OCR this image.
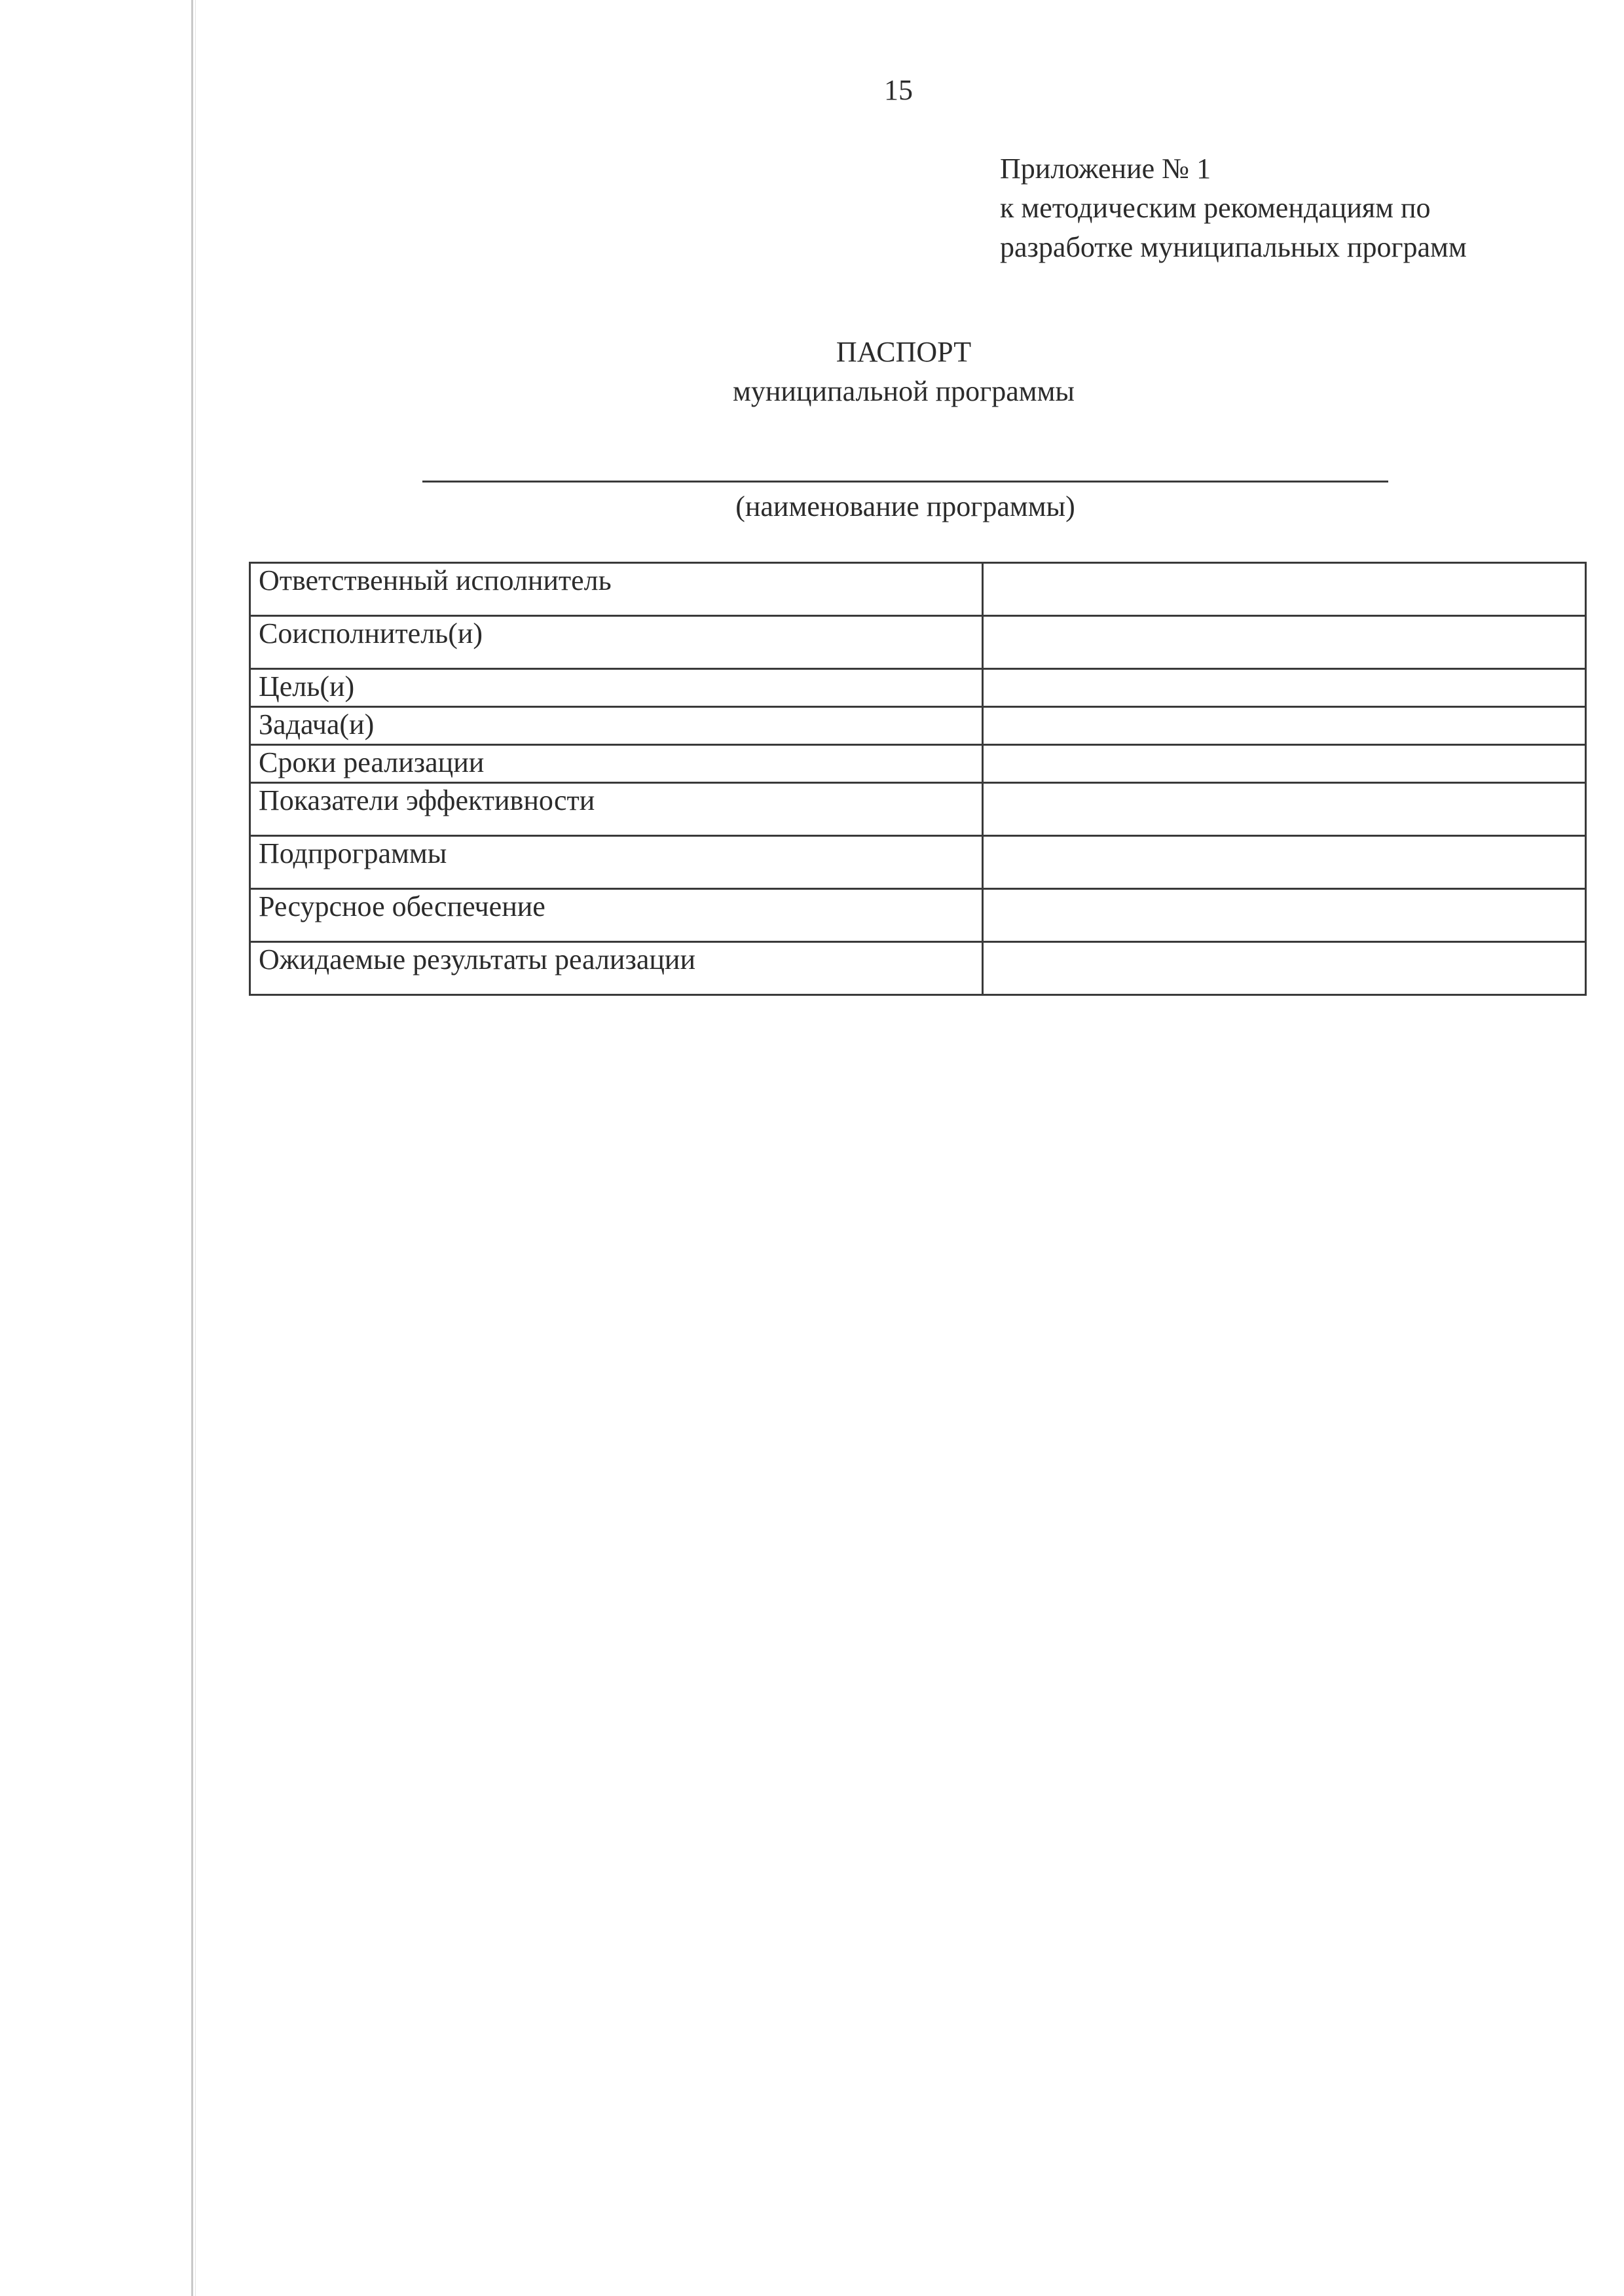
15
Приложение № 1
к методическим рекомендациям по
разработке муниципальных программ
ПАСПОРТ
муниципальной программы
(наименование программы)
Ответственный исполнитель	
Соисполнитель(и)	
Цель(и)	
Задача(и)	
Сроки реализации	
Показатели эффективности	
Подпрограммы	
Ресурсное обеспечение	
Ожидаемые результаты реализации	
